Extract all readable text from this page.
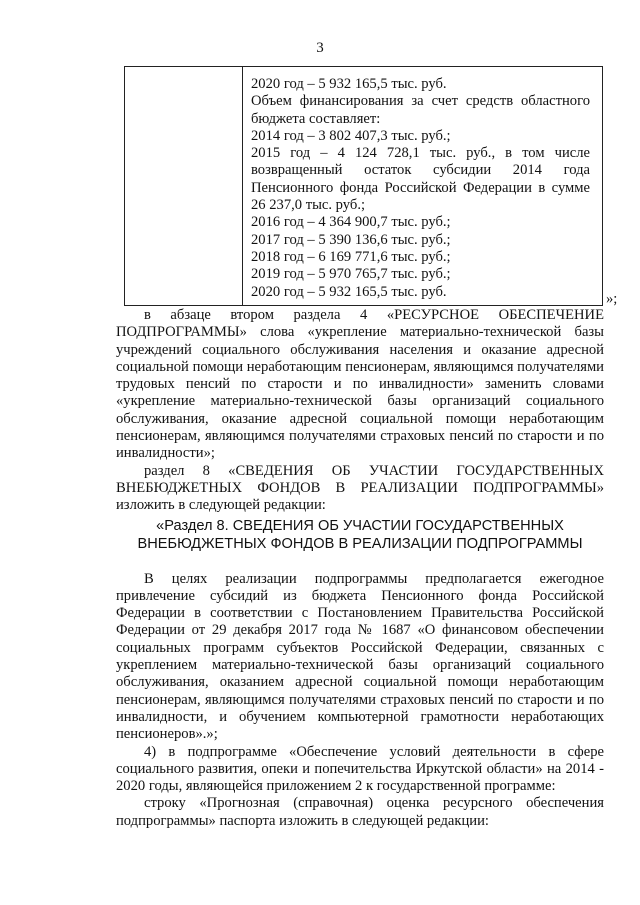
3
2020 год – 5 932 165,5 тыс. руб.
Объем финансирования за счет средств областного бюджета составляет:
2014 год – 3 802 407,3 тыс. руб.;
2015 год – 4 124 728,1 тыс. руб., в том числе возвращенный остаток субсидии 2014 года Пенсионного фонда Российской Федерации в сумме 26 237,0 тыс. руб.;
2016 год – 4 364 900,7 тыс. руб.;
2017 год – 5 390 136,6 тыс. руб.;
2018 год – 6 169 771,6 тыс. руб.;
2019 год – 5 970 765,7 тыс. руб.;
2020 год – 5 932 165,5 тыс. руб.	»;

в абзаце втором раздела 4 «РЕСУРСНОЕ ОБЕСПЕЧЕНИЕ ПОДПРОГРАММЫ» слова «укрепление материально-технической базы учреждений социального обслуживания населения и оказание адресной социальной помощи неработающим пенсионерам, являющимся получателями трудовых пенсий по старости и по инвалидности» заменить словами «укрепление материально-технической базы организаций социального обслуживания, оказание адресной социальной помощи неработающим пенсионерам, являющимся получателями страховых пенсий по старости и по инвалидности»;

раздел 8 «СВЕДЕНИЯ ОБ УЧАСТИИ ГОСУДАРСТВЕННЫХ ВНЕБЮДЖЕТНЫХ ФОНДОВ В РЕАЛИЗАЦИИ ПОДПРОГРАММЫ» изложить в следующей редакции:

«Раздел 8. СВЕДЕНИЯ ОБ УЧАСТИИ ГОСУДАРСТВЕННЫХ
ВНЕБЮДЖЕТНЫХ ФОНДОВ В РЕАЛИЗАЦИИ ПОДПРОГРАММЫ

В целях реализации подпрограммы предполагается ежегодное привлечение субсидий из бюджета Пенсионного фонда Российской Федерации в соответствии с Постановлением Правительства Российской Федерации от 29 декабря 2017 года № 1687 «О финансовом обеспечении социальных программ субъектов Российской Федерации, связанных с укреплением материально-технической базы организаций социального обслуживания, оказанием адресной социальной помощи неработающим пенсионерам, являющимся получателями страховых пенсий по старости и по инвалидности, и обучением компьютерной грамотности неработающих пенсионеров».»;

4) в подпрограмме «Обеспечение условий деятельности в сфере социального развития, опеки и попечительства Иркутской области» на 2014 - 2020 годы, являющейся приложением 2 к государственной программе:

строку «Прогнозная (справочная) оценка ресурсного обеспечения подпрограммы» паспорта изложить в следующей редакции:
